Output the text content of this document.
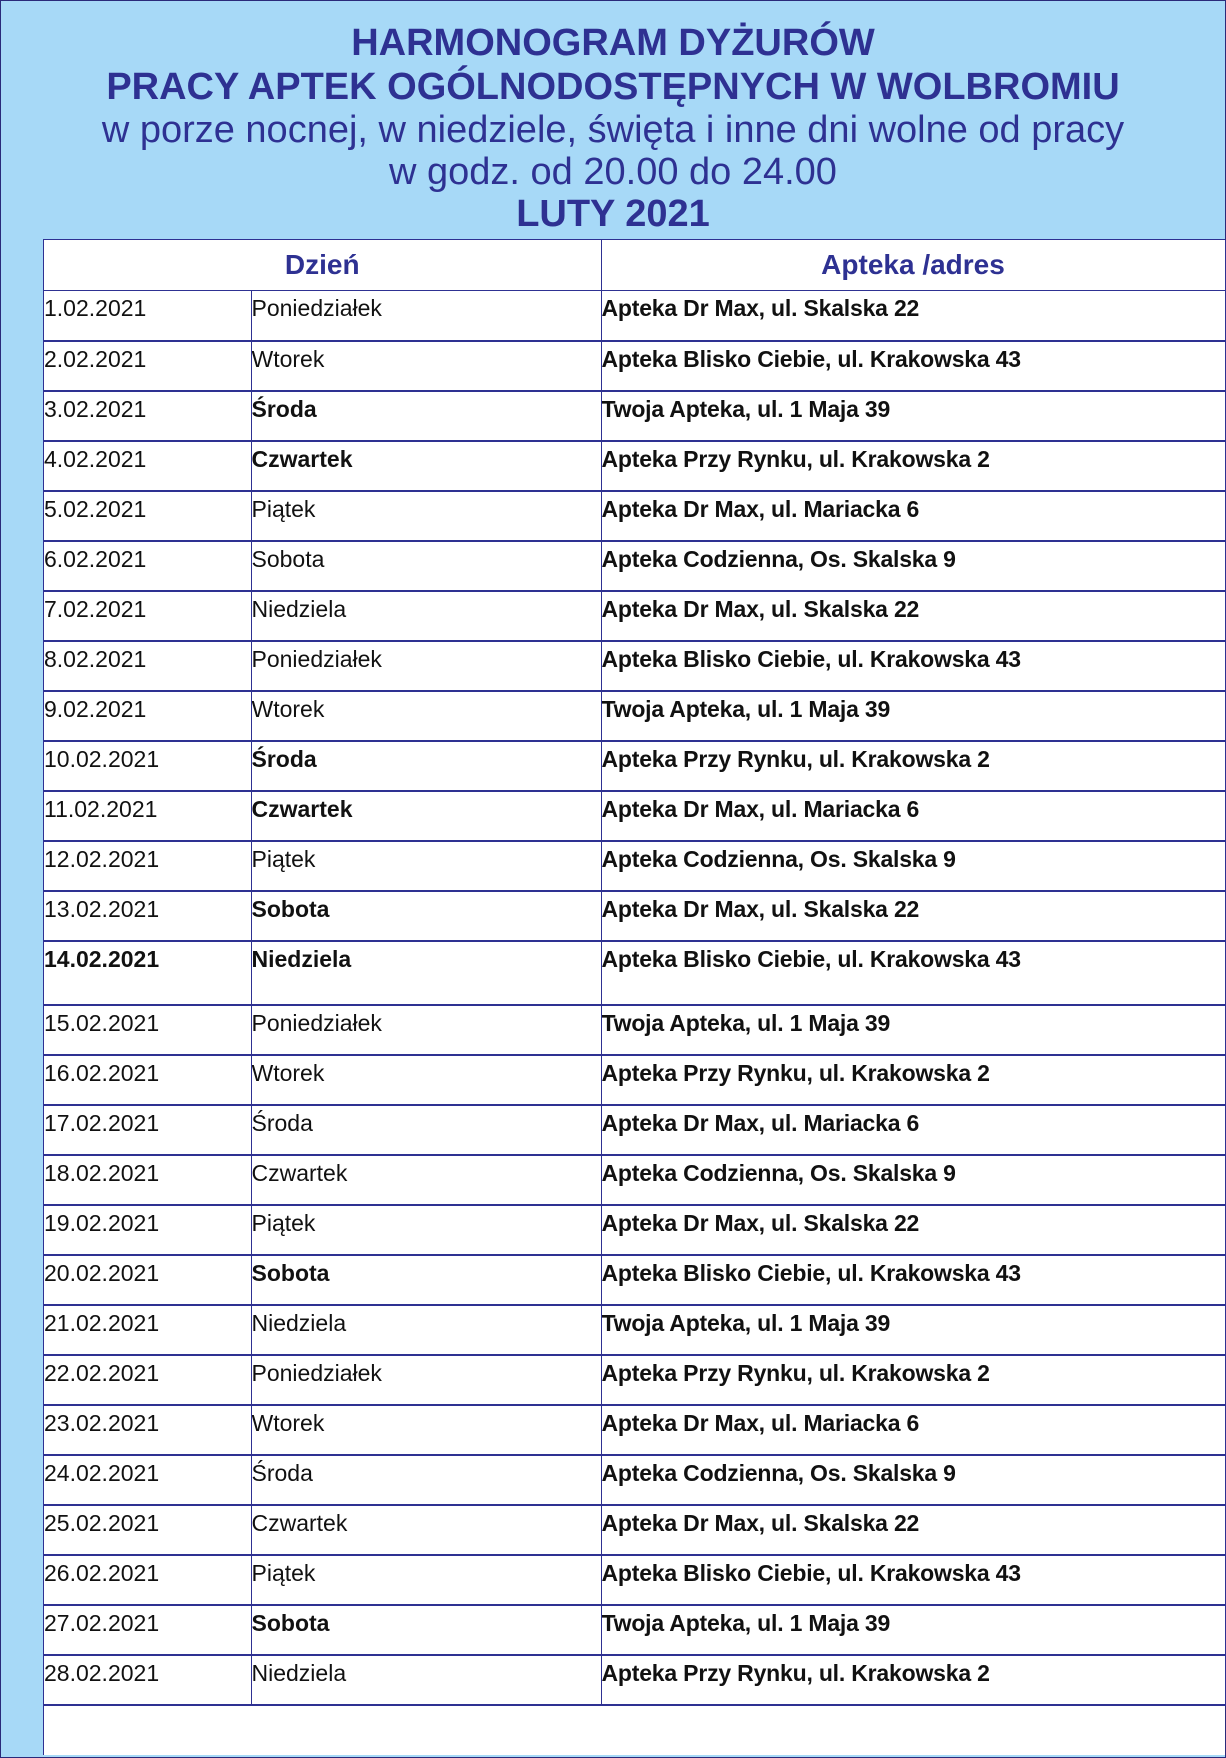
HARMONOGRAM DYŻURÓW
PRACY APTEK OGÓLNODOSTĘPNYCH W WOLBROMIU
w porze nocnej, w niedziele, święta i inne dni wolne od pracy
w godz. od 20.00 do 24.00
LUTY 2021
Dzień		Apteka /adres
1.02.2021	Poniedziałek	Apteka Dr Max, ul. Skalska 22
2.02.2021	Wtorek	Apteka Blisko Ciebie, ul. Krakowska 43
3.02.2021	Środa	Twoja Apteka, ul. 1 Maja 39
4.02.2021	Czwartek	Apteka Przy Rynku, ul. Krakowska 2
5.02.2021	Piątek	Apteka Dr Max, ul. Mariacka 6
6.02.2021	Sobota	Apteka Codzienna, Os. Skalska 9
7.02.2021	Niedziela	Apteka Dr Max, ul. Skalska 22
8.02.2021	Poniedziałek	Apteka Blisko Ciebie, ul. Krakowska 43
9.02.2021	Wtorek	Twoja Apteka, ul. 1 Maja 39
10.02.2021	Środa	Apteka Przy Rynku, ul. Krakowska 2
11.02.2021	Czwartek	Apteka Dr Max, ul. Mariacka 6
12.02.2021	Piątek	Apteka Codzienna, Os. Skalska 9
13.02.2021	Sobota	Apteka Dr Max, ul. Skalska 22
14.02.2021	Niedziela	Apteka Blisko Ciebie, ul. Krakowska 43
15.02.2021	Poniedziałek	Twoja Apteka, ul. 1 Maja 39
16.02.2021	Wtorek	Apteka Przy Rynku, ul. Krakowska 2
17.02.2021	Środa	Apteka Dr Max, ul. Mariacka 6
18.02.2021	Czwartek	Apteka Codzienna, Os. Skalska 9
19.02.2021	Piątek	Apteka Dr Max, ul. Skalska 22
20.02.2021	Sobota	Apteka Blisko Ciebie, ul. Krakowska 43
21.02.2021	Niedziela	Twoja Apteka, ul. 1 Maja 39
22.02.2021	Poniedziałek	Apteka Przy Rynku, ul. Krakowska 2
23.02.2021	Wtorek	Apteka Dr Max, ul. Mariacka 6
24.02.2021	Środa	Apteka Codzienna, Os. Skalska 9
25.02.2021	Czwartek	Apteka Dr Max, ul. Skalska 22
26.02.2021	Piątek	Apteka Blisko Ciebie, ul. Krakowska 43
27.02.2021	Sobota	Twoja Apteka, ul. 1 Maja 39
28.02.2021	Niedziela	Apteka Przy Rynku, ul. Krakowska 2
